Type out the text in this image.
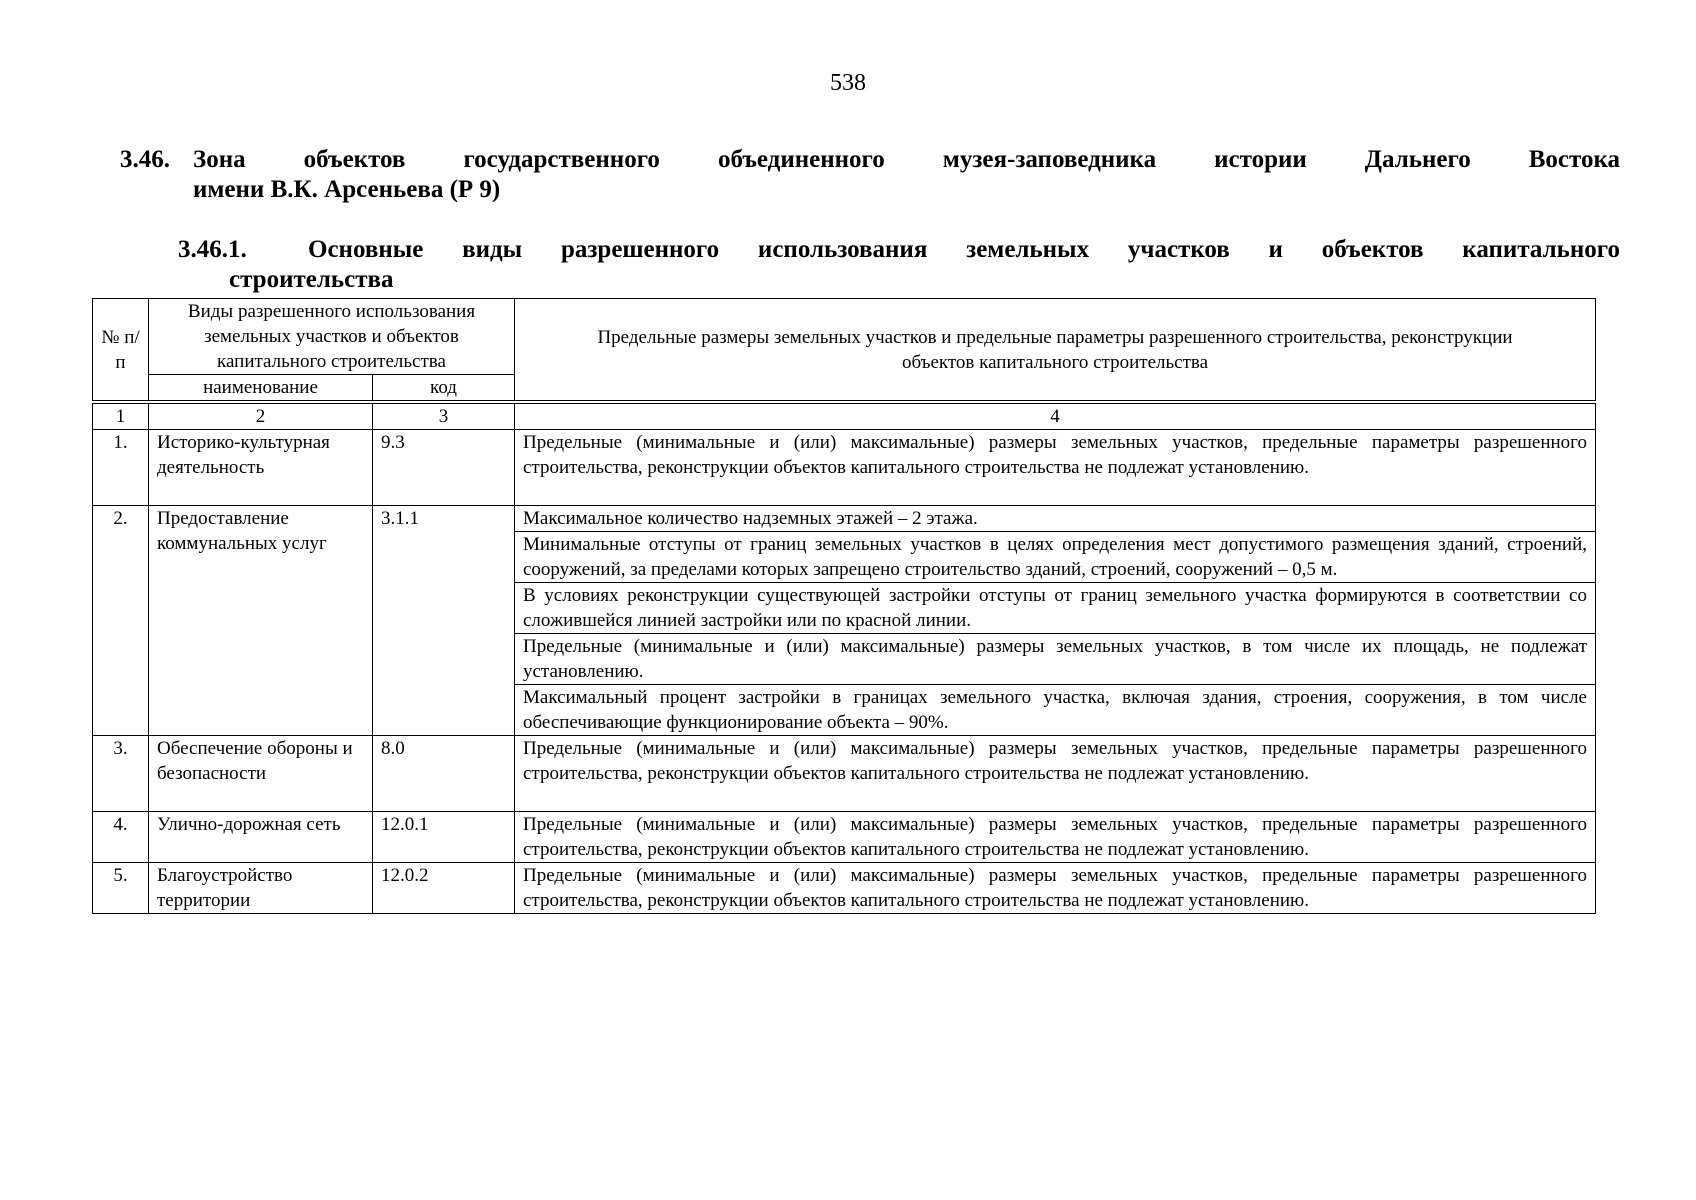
538
3.46. Зона объектов государственного объединенного музея-заповедника истории Дальнего Востока
имени В.К. Арсеньева (Р 9)
3.46.1.	Основные виды разрешенного использования земельных участков и объектов капитального
строительства
№ п/п	Виды разрешенного использования земельных участков и объектов капитального строительства		Предельные размеры земельных участков и предельные параметры разрешенного строительства, реконструкции объектов капитального строительства
	наименование	код	
1	2	3	4
1.	Историко-культурная деятельность	9.3	Предельные (минимальные и (или) максимальные) размеры земельных участков, предельные параметры разрешенного строительства, реконструкции объектов капитального строительства не подлежат установлению.
2.	Предоставление коммунальных услуг	3.1.1	Максимальное количество надземных этажей – 2 этажа.
			Минимальные отступы от границ земельных участков в целях определения мест допустимого размещения зданий, строений, сооружений, за пределами которых запрещено строительство зданий, строений, сооружений – 0,5 м.
			В условиях реконструкции существующей застройки отступы от границ земельного участка формируются в соответствии со сложившейся линией застройки или по красной линии.
			Предельные (минимальные и (или) максимальные) размеры земельных участков, в том числе их площадь, не подлежат установлению.
			Максимальный процент застройки в границах земельного участка, включая здания, строения, сооружения, в том числе обеспечивающие функционирование объекта – 90%.
3.	Обеспечение обороны и безопасности	8.0	Предельные (минимальные и (или) максимальные) размеры земельных участков, предельные параметры разрешенного строительства, реконструкции объектов капитального строительства не подлежат установлению.
4.	Улично-дорожная сеть	12.0.1	Предельные (минимальные и (или) максимальные) размеры земельных участков, предельные параметры разрешенного строительства, реконструкции объектов капитального строительства не подлежат установлению.
5.	Благоустройство территории	12.0.2	Предельные (минимальные и (или) максимальные) размеры земельных участков, предельные параметры разрешенного строительства, реконструкции объектов капитального строительства не подлежат установлению.
